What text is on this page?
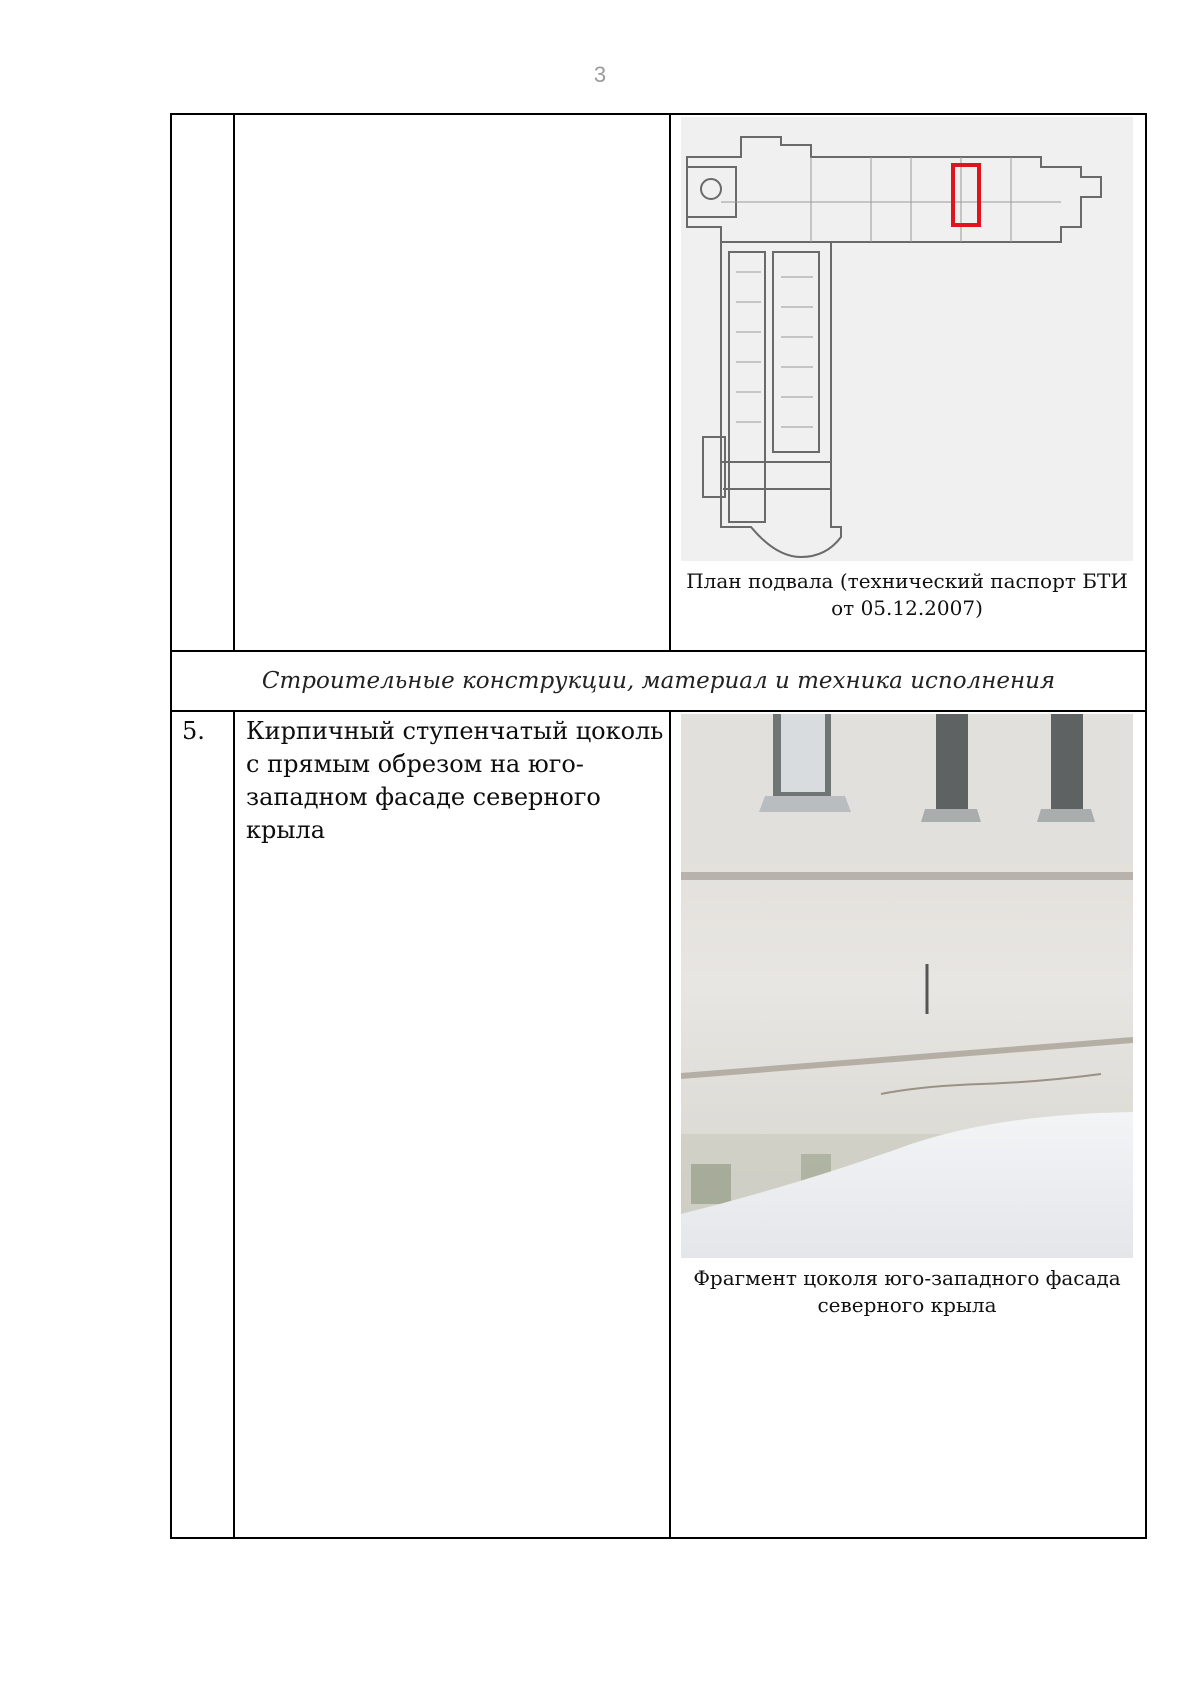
3
План подвала (технический паспорт БТИ от 05.12.2007)
Строительные конструкции, материал и техника исполнения
5. Кирпичный ступенчатый цоколь с прямым обрезом на юго-западном фасаде северного крыла
Фрагмент цоколя юго-западного фасада северного крыла
